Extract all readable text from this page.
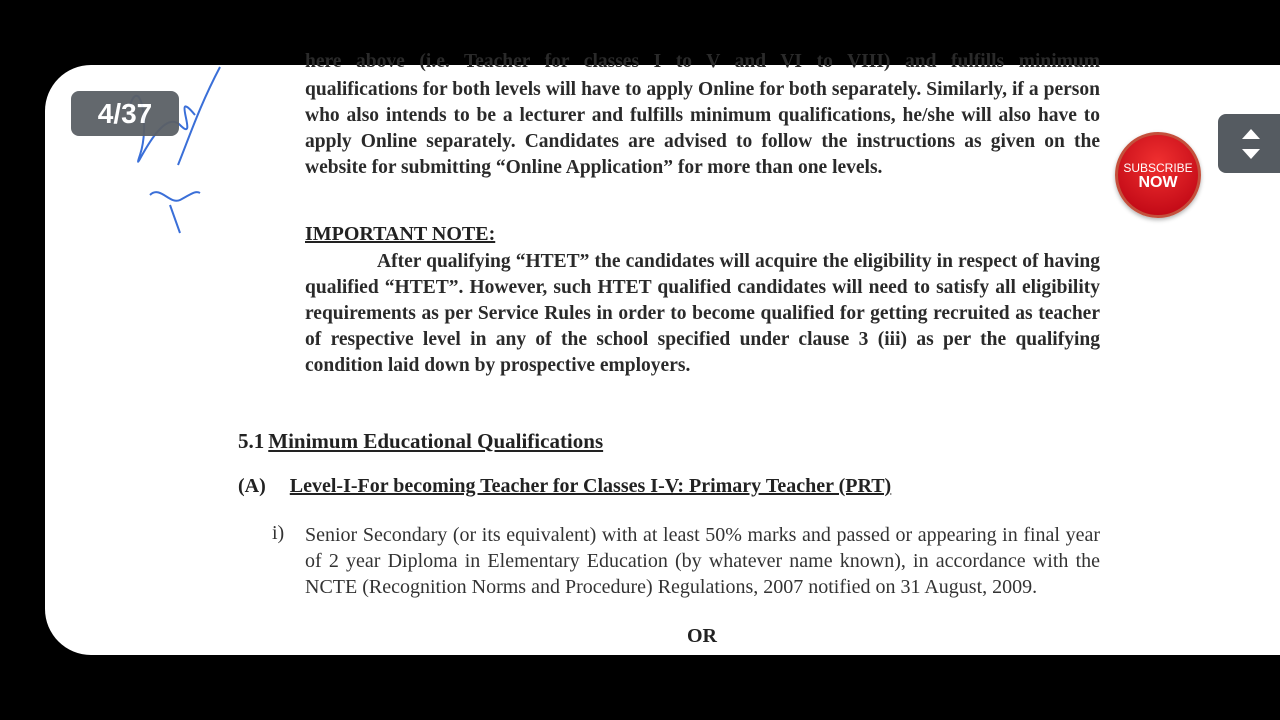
here above (i.e. Teacher for classes I to V and VI to VIII) and fulfills minimum
qualifications for both levels will have to apply Online for both separately. Similarly, if a person who also intends to be a lecturer and fulfills minimum qualifications, he/she will also have to apply Online separately. Candidates are advised to follow the instructions as given on the website for submitting “Online Application” for more than one levels.
IMPORTANT NOTE:
After qualifying “HTET” the candidates will acquire the eligibility in respect of having qualified “HTET”. However, such HTET qualified candidates will need to satisfy all eligibility requirements as per Service Rules in order to become qualified for getting recruited as teacher of respective level in any of the school specified under clause 3 (iii) as per the qualifying condition laid down by prospective employers.
5.1 Minimum Educational Qualifications
(A) Level-I-For becoming Teacher for Classes I-V: Primary Teacher (PRT)
i) Senior Secondary (or its equivalent) with at least 50% marks and passed or appearing in final year of 2 year Diploma in Elementary Education (by whatever name known), in accordance with the NCTE (Recognition Norms and Procedure) Regulations, 2007 notified on 31 August, 2009.
OR
4/37
SUBSCRIBE
NOW
